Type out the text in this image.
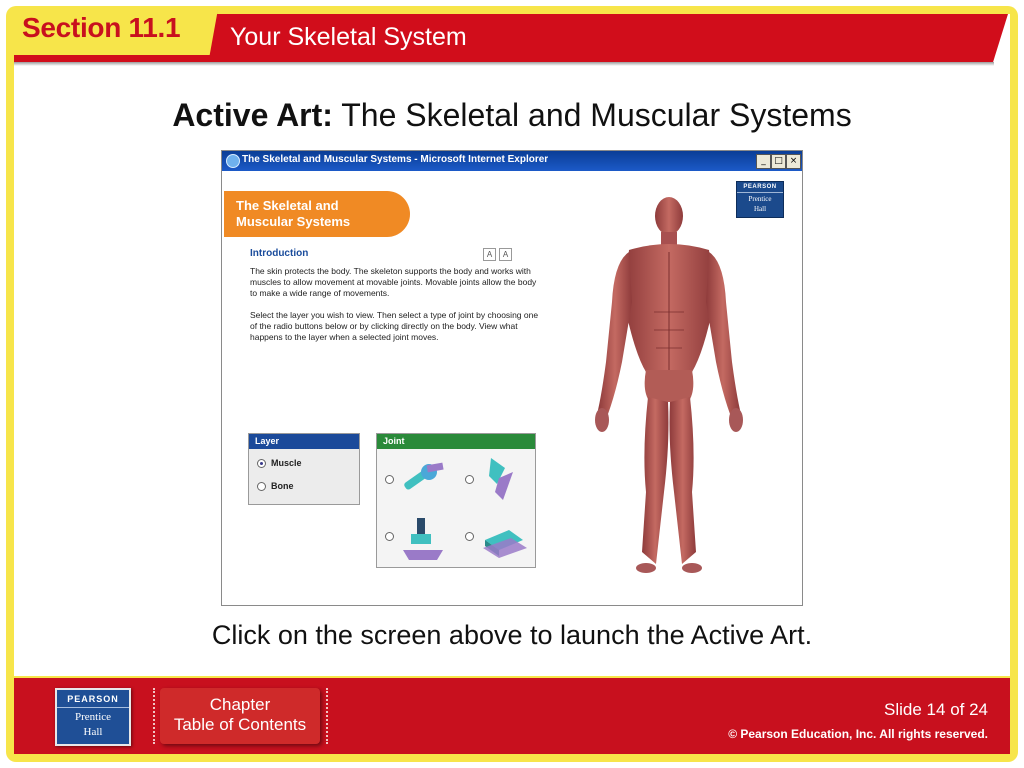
Section 11.1 Your Skeletal System
Active Art: The Skeletal and Muscular Systems
The Skeletal and Muscular Systems - Microsoft Internet Explorer	_ □ ×
The Skeletal and
Muscular Systems
Introduction	A	A

The skin protects the body. The skeleton supports the body and works with muscles to allow movement at movable joints. Movable joints allow the body to make a wide range of movements.

Select the layer you wish to view. Then select a type of joint by choosing one of the radio buttons below or by clicking directly on the body. View what happens to the layer when a selected joint moves.

Layer
Muscle
Bone
Joint
PEARSON
Prentice
Hall
Click on the screen above to launch the Active Art.
PEARSON
Prentice
Hall
Chapter
Table of Contents
Slide 14 of 24
© Pearson Education, Inc. All rights reserved.
